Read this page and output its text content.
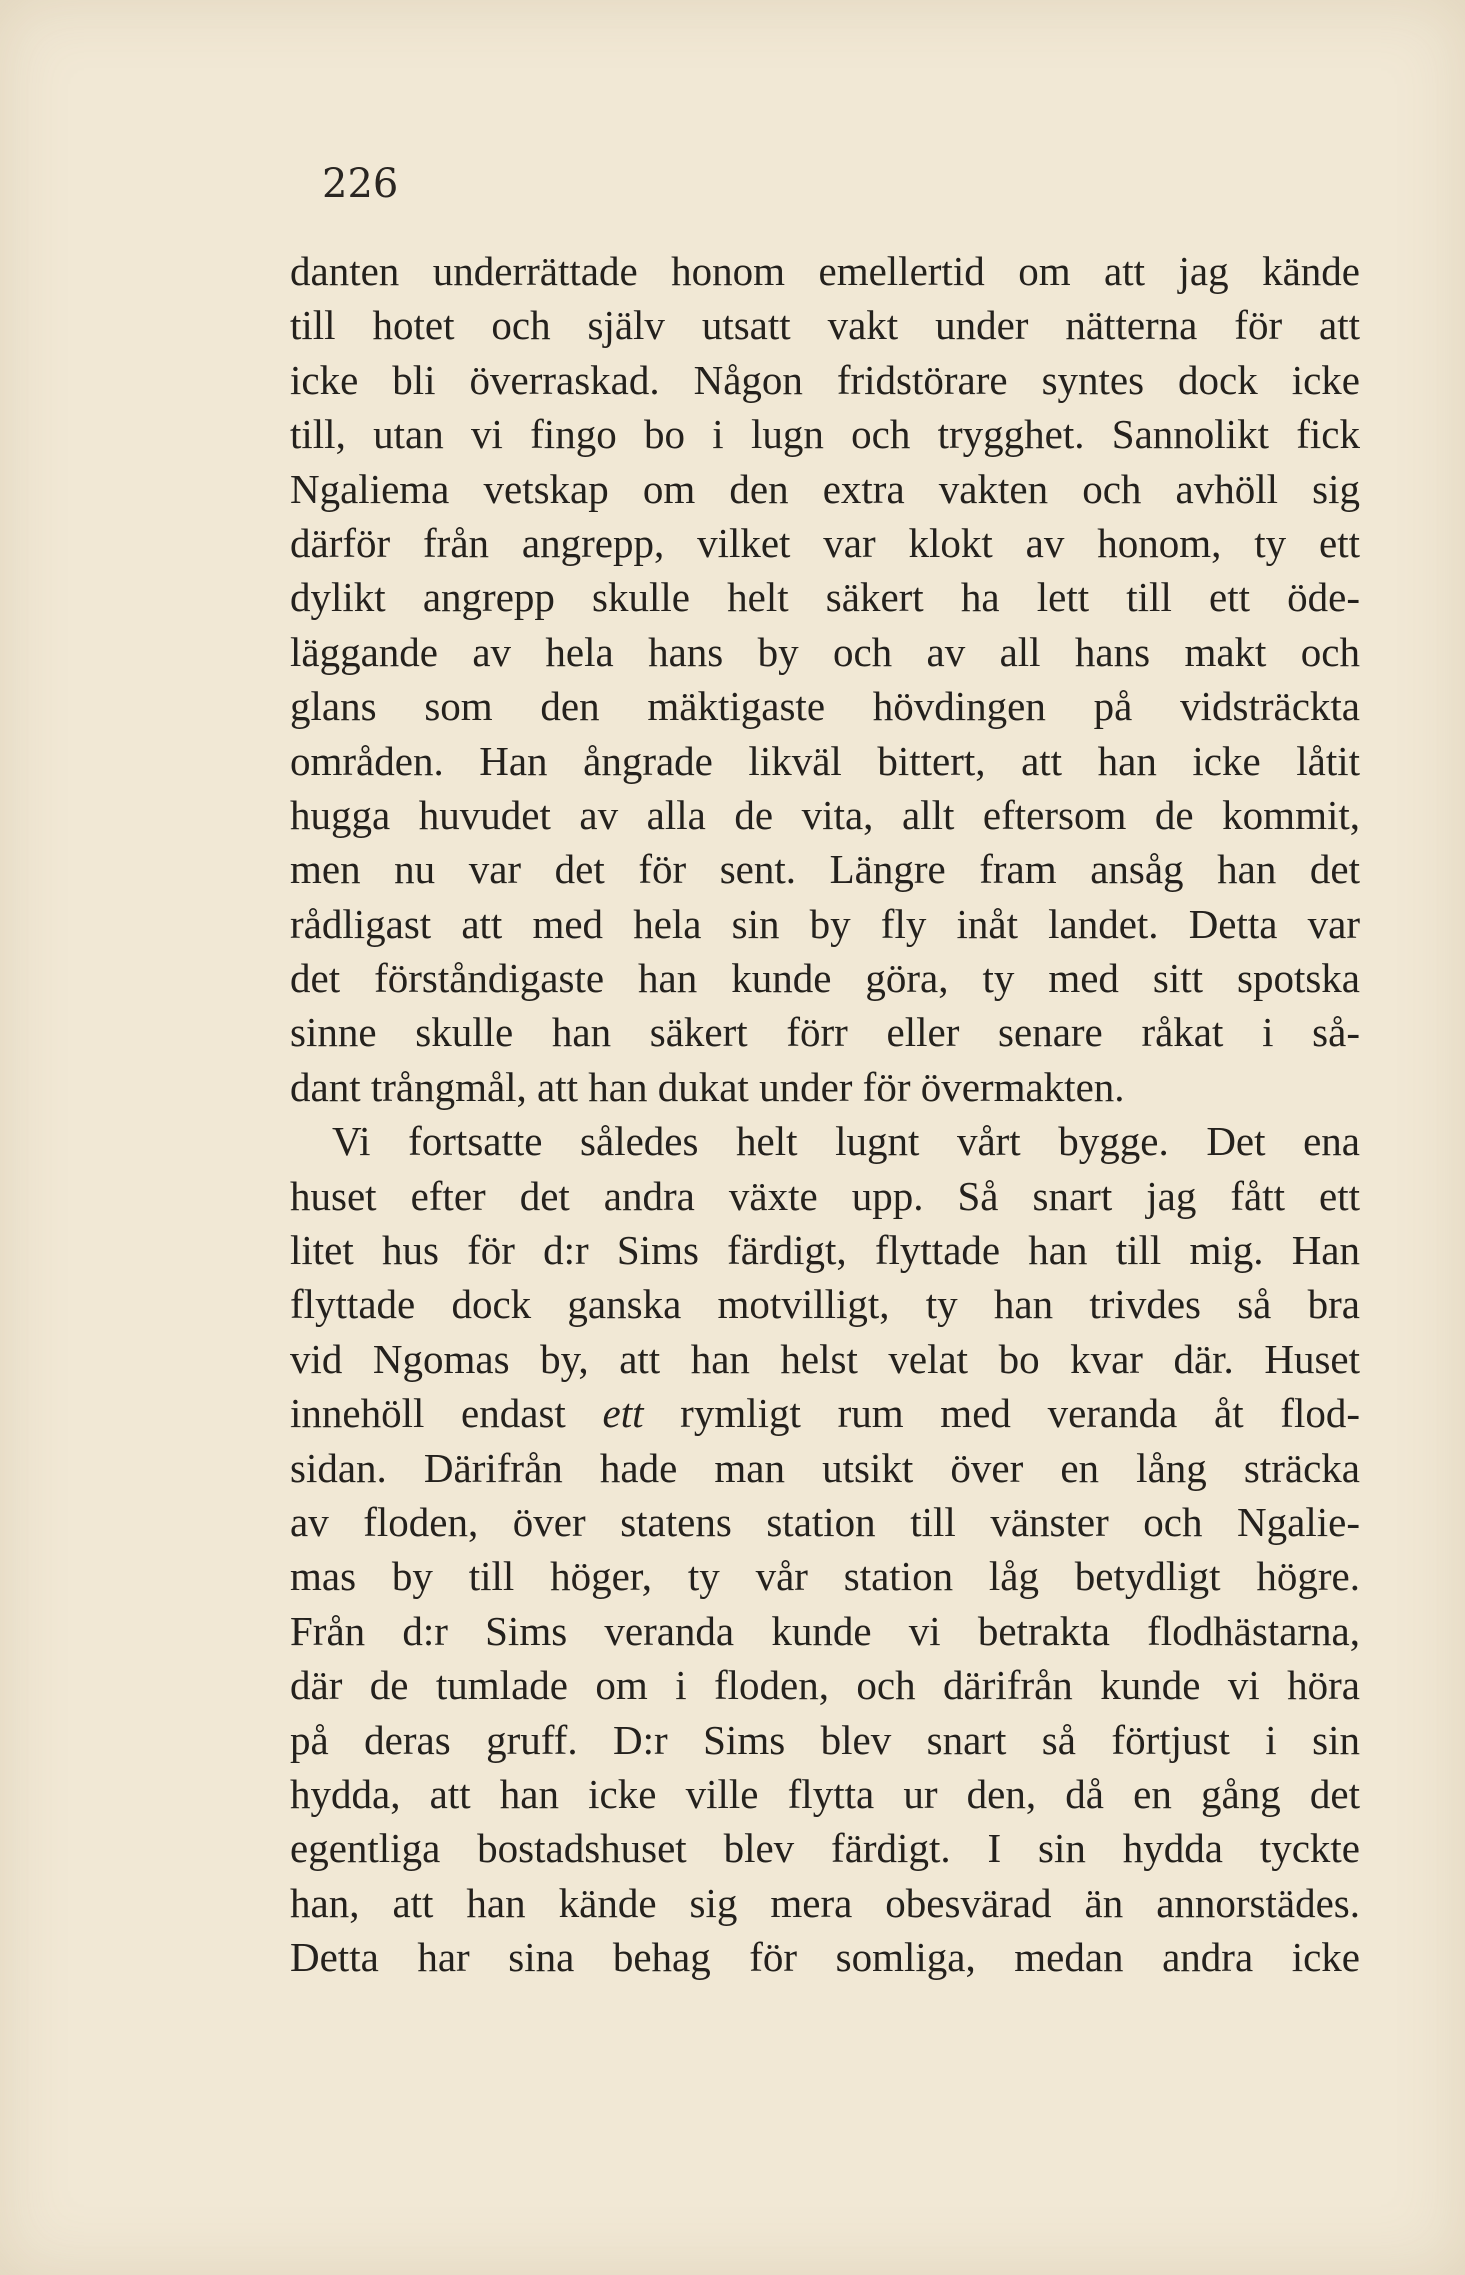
226
danten underrättade honom emellertid om att jag kände
till hotet och själv utsatt vakt under nätterna för att
icke bli överraskad. Någon fridstörare syntes dock icke
till, utan vi fingo bo i lugn och trygghet. Sannolikt fick
Ngaliema vetskap om den extra vakten och avhöll sig
därför från angrepp, vilket var klokt av honom, ty ett
dylikt angrepp skulle helt säkert ha lett till ett öde-
läggande av hela hans by och av all hans makt och
glans som den mäktigaste hövdingen på vidsträckta
områden. Han ångrade likväl bittert, att han icke låtit
hugga huvudet av alla de vita, allt eftersom de kommit,
men nu var det för sent. Längre fram ansåg han det
rådligast att med hela sin by fly inåt landet. Detta var
det förståndigaste han kunde göra, ty med sitt spotska
sinne skulle han säkert förr eller senare råkat i så-
dant trångmål, att han dukat under för övermakten.
Vi fortsatte således helt lugnt vårt bygge. Det ena
huset efter det andra växte upp. Så snart jag fått ett
litet hus för d:r Sims färdigt, flyttade han till mig. Han
flyttade dock ganska motvilligt, ty han trivdes så bra
vid Ngomas by, att han helst velat bo kvar där. Huset
innehöll endast ett rymligt rum med veranda åt flod-
sidan. Därifrån hade man utsikt över en lång sträcka
av floden, över statens station till vänster och Ngalie-
mas by till höger, ty vår station låg betydligt högre.
Från d:r Sims veranda kunde vi betrakta flodhästarna,
där de tumlade om i floden, och därifrån kunde vi höra
på deras gruff. D:r Sims blev snart så förtjust i sin
hydda, att han icke ville flytta ur den, då en gång det
egentliga bostadshuset blev färdigt. I sin hydda tyckte
han, att han kände sig mera obesvärad än annorstädes.
Detta har sina behag för somliga, medan andra icke
